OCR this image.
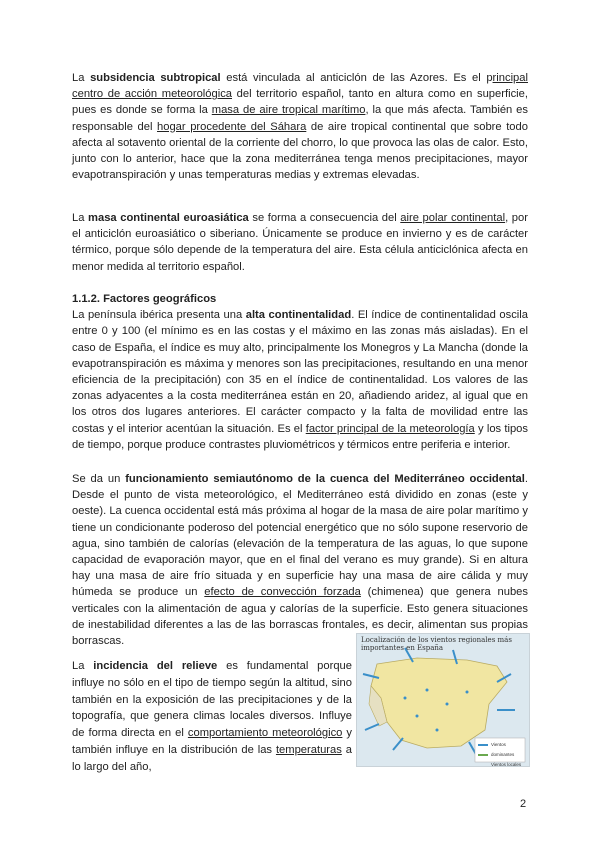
La subsidencia subtropical está vinculada al anticiclón de las Azores. Es el principal centro de acción meteorológica del territorio español, tanto en altura como en superficie, pues es donde se forma la masa de aire tropical marítimo, la que más afecta. También es responsable del hogar procedente del Sáhara de aire tropical continental que sobre todo afecta al sotavento oriental de la corriente del chorro, lo que provoca las olas de calor. Esto, junto con lo anterior, hace que la zona mediterránea tenga menos precipitaciones, mayor evapotranspiración y unas temperaturas medias y extremas elevadas.

La masa continental euroasiática se forma a consecuencia del aire polar continental, por el anticiclón euroasiático o siberiano. Únicamente se produce en invierno y es de carácter térmico, porque sólo depende de la temperatura del aire. Esta célula anticiclónica afecta en menor medida al territorio español.

1.1.2. Factores geográficos

La península ibérica presenta una alta continentalidad. El índice de continentalidad oscila entre 0 y 100 (el mínimo es en las costas y el máximo en las zonas más aisladas). En el caso de España, el índice es muy alto, principalmente los Monegros y La Mancha (donde la evapotranspiración es máxima y menores son las precipitaciones, resultando en una menor eficiencia de la precipitación) con 35 en el índice de continentalidad. Los valores de las zonas adyacentes a la costa mediterránea están en 20, añadiendo aridez, al igual que en los otros dos lugares anteriores. El carácter compacto y la falta de movilidad entre las costas y el interior acentúan la situación. Es el factor principal de la meteorología y los tipos de tiempo, porque produce contrastes pluviométricos y térmicos entre periferia e interior.

Se da un funcionamiento semiautónomo de la cuenca del Mediterráneo occidental. Desde el punto de vista meteorológico, el Mediterráneo está dividido en zonas (este y oeste). La cuenca occidental está más próxima al hogar de la masa de aire polar marítimo y tiene un condicionante poderoso del potencial energético que no sólo supone reservorio de agua, sino también de calorías (elevación de la temperatura de las aguas, lo que supone capacidad de evaporación mayor, que en el final del verano es muy grande). Si en altura hay una masa de aire frío situada y en superficie hay una masa de aire cálida y muy húmeda se produce un efecto de convección forzada (chimenea) que genera nubes verticales con la alimentación de agua y calorías de la superficie. Esto genera situaciones de inestabilidad diferentes a las de las borrascas frontales, es decir, alimentan sus propias borrascas.

La incidencia del relieve es fundamental porque influye no sólo en el tipo de tiempo según la altitud, sino también en la exposición de las precipitaciones y de la topografía, que genera climas locales diversos. Influye de forma directa en el comportamiento meteorológico y también influye en la distribución de las temperaturas a lo largo del año,

Localización de los vientos regionales más importantes en España
Vientos dominantes
Vientos locales
2
